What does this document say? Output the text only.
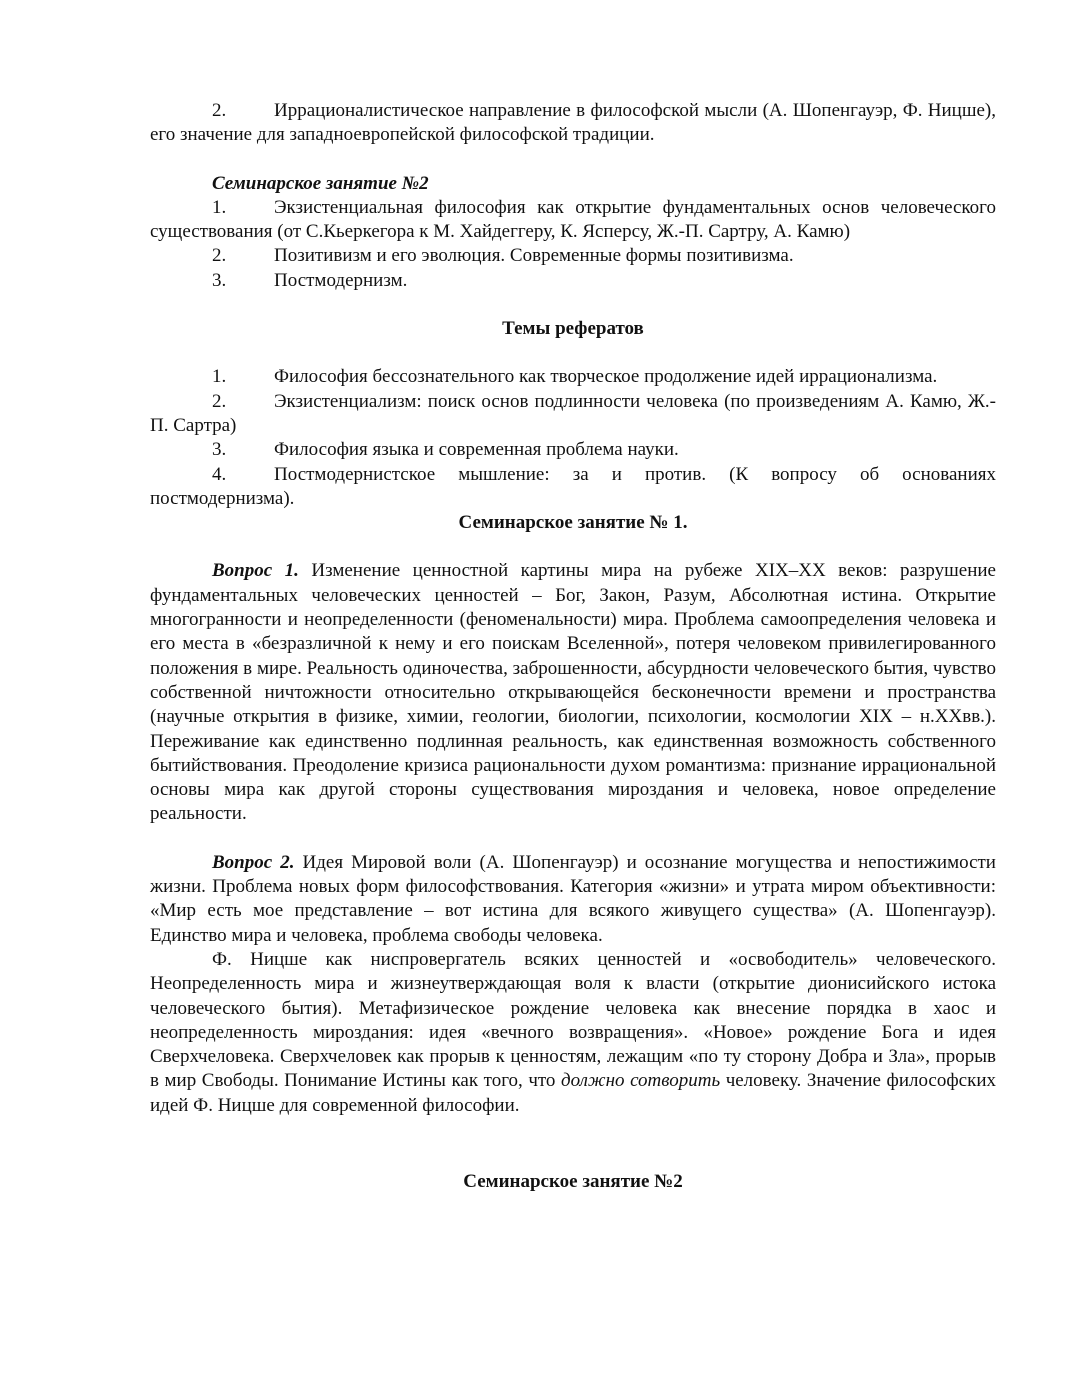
2.	Иррационалистическое направление в философской мысли (А. Шопенгауэр, Ф. Ницше), его значение для западноевропейской философской традиции.

Семинарское занятие №2

1.	Экзистенциальная философия как открытие фундаментальных основ человеческого существования (от С.Кьеркегора к М. Хайдеггеру, К. Ясперсу, Ж.-П. Сартру, А. Камю)

2.	Позитивизм и его эволюция. Современные формы позитивизма.

3.	Постмодернизм.

Темы рефератов

1.	Философия бессознательного как творческое продолжение идей иррационализма.

2.	Экзистенциализм: поиск основ подлинности человека (по произведениям А. Камю, Ж.-П. Сартра)

3.	Философия языка и современная проблема науки.

4.	Постмодернистское мышление: за и против. (К вопросу об основаниях постмодернизма).

Семинарское занятие № 1.

Вопрос 1. Изменение ценностной картины мира на рубеже XIX–XX веков: разрушение фундаментальных человеческих ценностей – Бог, Закон, Разум, Абсолютная истина. Открытие многогранности и неопределенности (феноменальности) мира. Проблема самоопределения человека и его места в «безразличной к нему и его поискам Вселенной», потеря человеком привилегированного положения в мире. Реальность одиночества, заброшенности, абсурдности человеческого бытия, чувство собственной ничтожности относительно открывающейся бесконечности времени и пространства (научные открытия в физике, химии, геологии, биологии, психологии, космологии XIX – н.XXвв.). Переживание как единственно подлинная реальность, как единственная возможность собственного бытийствования. Преодоление кризиса рациональности духом романтизма: признание иррациональной основы мира как другой стороны существования мироздания и человека, новое определение реальности.

Вопрос 2. Идея Мировой воли (А. Шопенгауэр) и осознание могущества и непостижимости жизни. Проблема новых форм философствования. Категория «жизни» и утрата миром объективности: «Мир есть мое представление – вот истина для всякого живущего существа» (А. Шопенгауэр). Единство мира и человека, проблема свободы человека.

Ф. Ницше как ниспровергатель всяких ценностей и «освободитель» человеческого. Неопределенность мира и жизнеутверждающая воля к власти (открытие дионисийского истока человеческого бытия). Метафизическое рождение человека как внесение порядка в хаос и неопределенность мироздания: идея «вечного возвращения». «Новое» рождение Бога и идея Сверхчеловека. Сверхчеловек как прорыв к ценностям, лежащим «по ту сторону Добра и Зла», прорыв в мир Свободы. Понимание Истины как того, что должно сотворить человеку. Значение философских идей Ф. Ницше для современной философии.

Семинарское занятие №2
